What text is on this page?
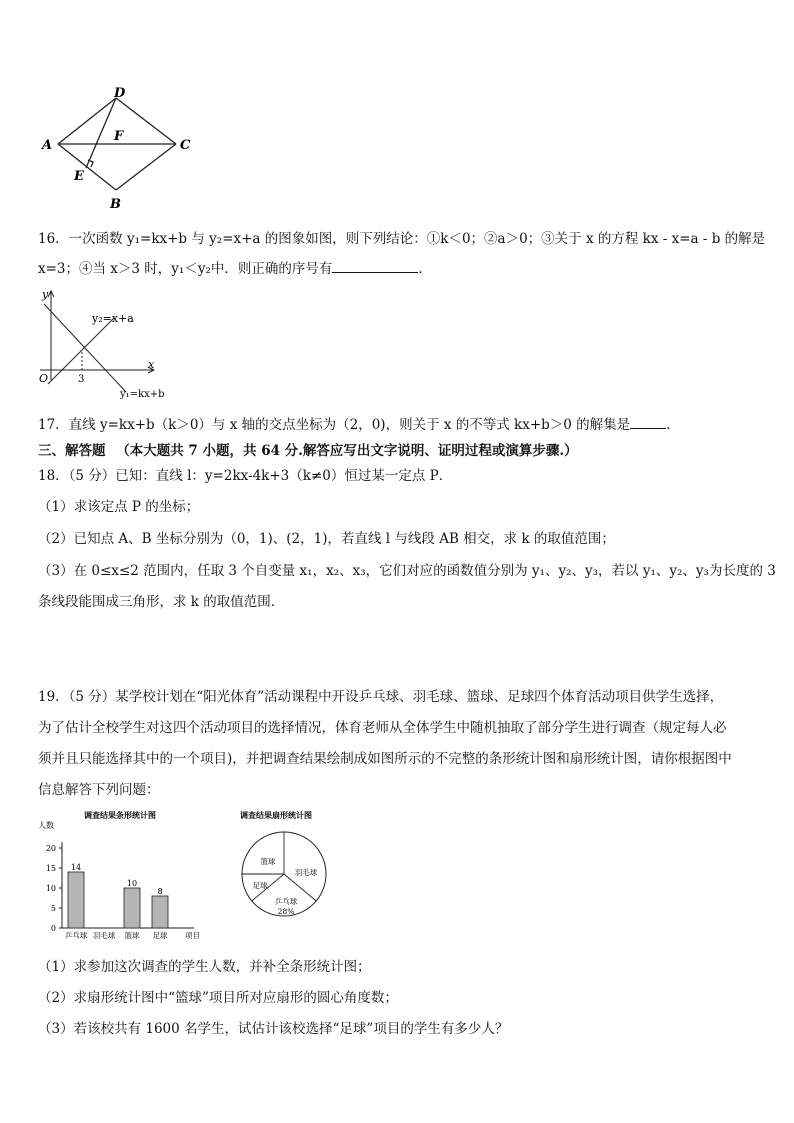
D
A
F
C
E
B
16．一次函数 y₁=kx+b 与 y₂=x+a 的图象如图，则下列结论：①k＜0；②a＞0；③关于 x 的方程 kx - x=a - b 的解是
x=3；④当 x＞3 时，y₁＜y₂中．则正确的序号有	．
y
x
O	3
y₂=x+a
y₁=kx+b
17．直线 y=kx+b（k＞0）与 x 轴的交点坐标为（2，0)，则关于 x 的不等式 kx+b＞0 的解集是	．
三、解答题 （本大题共 7 小题，共 64 分.解答应写出文字说明、证明过程或演算步骤.）
18．（5 分）已知：直线 l：y=2kx-4k+3（k≠0）恒过某一定点 P．
（1）求该定点 P 的坐标；
（2）已知点 A、B 坐标分别为（0，1)、(2，1)，若直线 l 与线段 AB 相交，求 k 的取值范围；
（3）在 0≤x≤2 范围内，任取 3 个自变量 x₁，x₂、x₃，它们对应的函数值分别为 y₁、y₂、y₃，若以 y₁、y₂、y₃为长度的 3
条线段能围成三角形，求 k 的取值范围．
19．（5 分）某学校计划在“阳光体育”活动课程中开设乒乓球、羽毛球、篮球、足球四个体育活动项目供学生选择，
为了估计全校学生对这四个活动项目的选择情况，体育老师从全体学生中随机抽取了部分学生进行调查（规定每人必
须并且只能选择其中的一个项目)，并把调查结果绘制成如图所示的不完整的条形统计图和扇形统计图，请你根据图中
信息解答下列问题：
调查结果条形统计图
人数
0
5
10
15
20
14
乒乓球 羽毛球
10
篮球
8
足球 项目
调查结果扇形统计图
篮球
羽毛球
乒乓球
足球
28%
（1）求参加这次调查的学生人数，并补全条形统计图；
（2）求扇形统计图中“篮球”项目所对应扇形的圆心角度数；
（3）若该校共有 1600 名学生，试估计该校选择“足球”项目的学生有多少人？
